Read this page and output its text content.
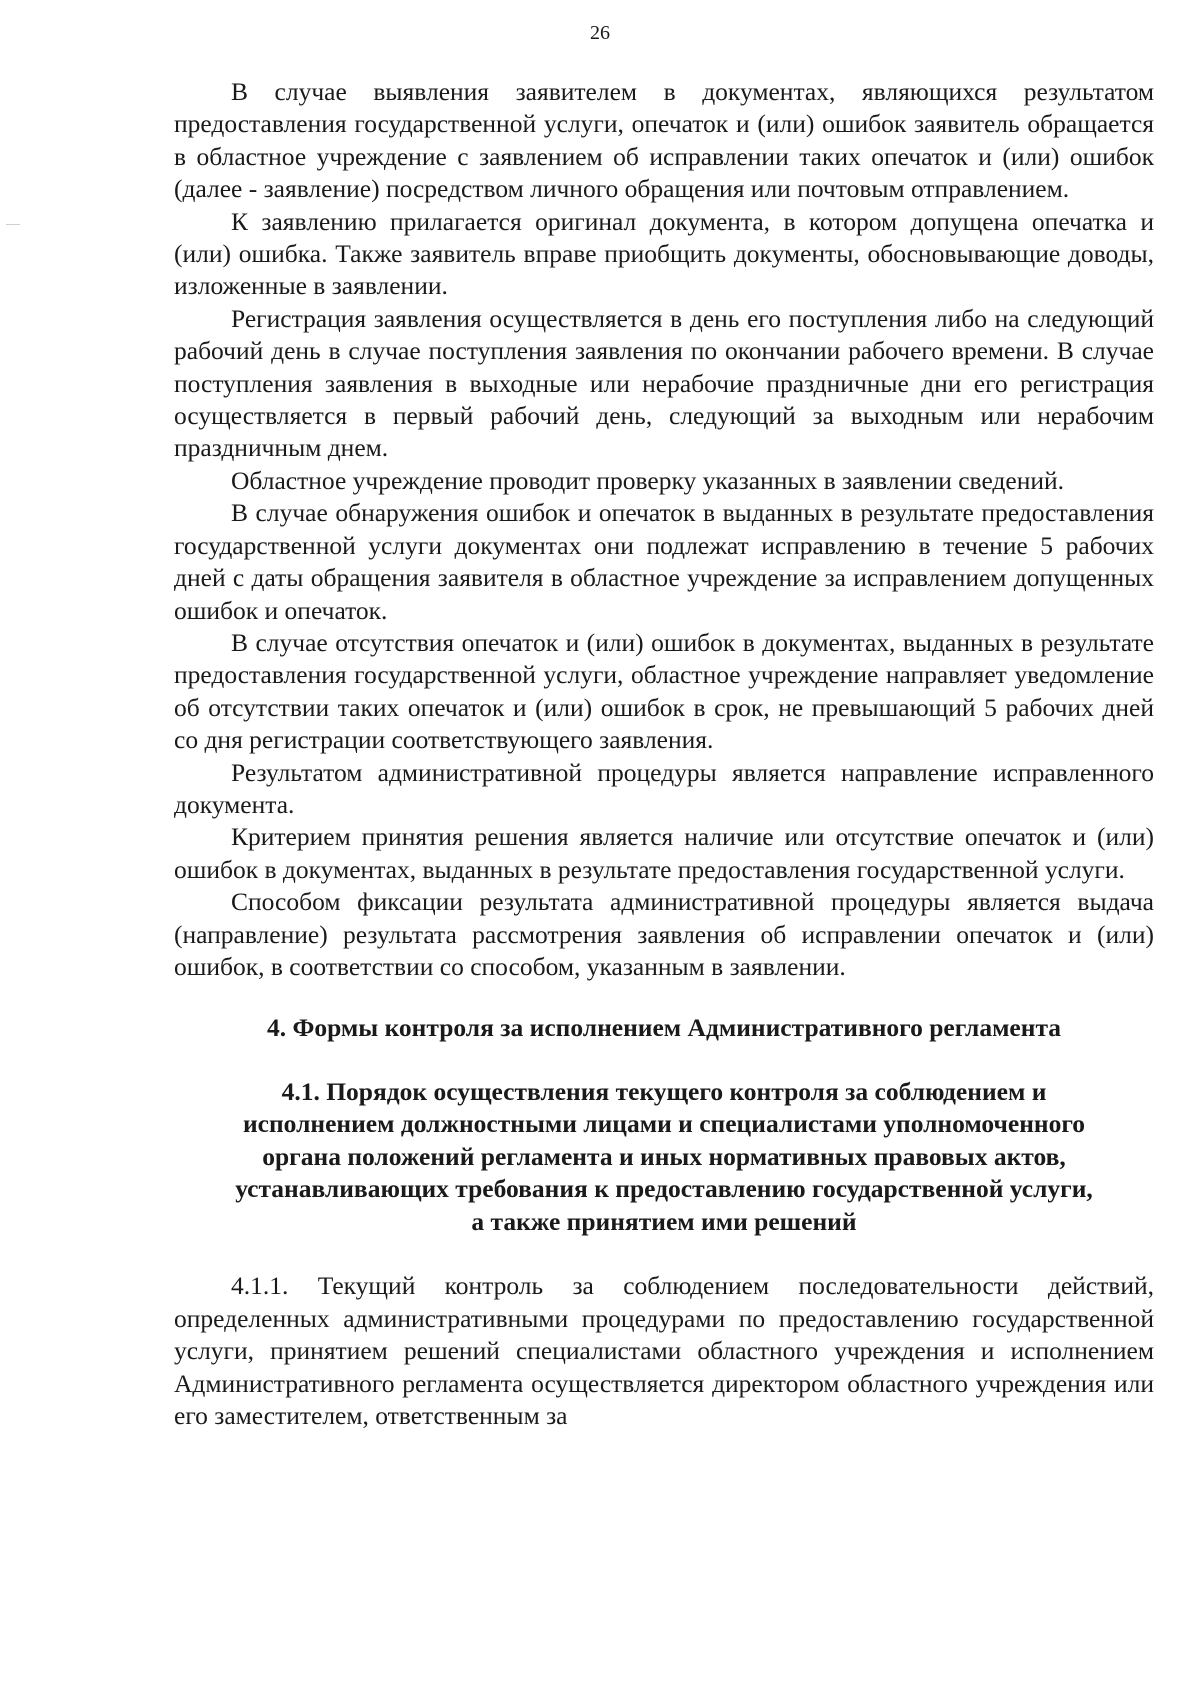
26

В случае выявления заявителем в документах, являющихся результатом предоставления государственной услуги, опечаток и (или) ошибок заявитель обращается в областное учреждение с заявлением об исправлении таких опечаток и (или) ошибок (далее - заявление) посредством личного обращения или почтовым отправлением.

К заявлению прилагается оригинал документа, в котором допущена опечатка и (или) ошибка. Также заявитель вправе приобщить документы, обосновывающие доводы, изложенные в заявлении.

Регистрация заявления осуществляется в день его поступления либо на следующий рабочий день в случае поступления заявления по окончании рабочего времени. В случае поступления заявления в выходные или нерабочие праздничные дни его регистрация осуществляется в первый рабочий день, следующий за выходным или нерабочим праздничным днем.

Областное учреждение проводит проверку указанных в заявлении сведений.

В случае обнаружения ошибок и опечаток в выданных в результате предоставления государственной услуги документах они подлежат исправлению в течение 5 рабочих дней с даты обращения заявителя в областное учреждение за исправлением допущенных ошибок и опечаток.

В случае отсутствия опечаток и (или) ошибок в документах, выданных в результате предоставления государственной услуги, областное учреждение направляет уведомление об отсутствии таких опечаток и (или) ошибок в срок, не превышающий 5 рабочих дней со дня регистрации соответствующего заявления.

Результатом административной процедуры является направление исправленного документа.

Критерием принятия решения является наличие или отсутствие опечаток и (или) ошибок в документах, выданных в результате предоставления государственной услуги.

Способом фиксации результата административной процедуры является выдача (направление) результата рассмотрения заявления об исправлении опечаток и (или) ошибок, в соответствии со способом, указанным в заявлении.

4. Формы контроля за исполнением Административного регламента
4.1. Порядок осуществления текущего контроля за соблюдением и
исполнением должностными лицами и специалистами уполномоченного
органа положений регламента и иных нормативных правовых актов,
устанавливающих требования к предоставлению государственной услуги,
а также принятием ими решений

4.1.1. Текущий контроль за соблюдением последовательности действий, определенных административными процедурами по предоставлению государственной услуги, принятием решений специалистами областного учреждения и исполнением Административного регламента осуществляется директором областного учреждения или его заместителем, ответственным за
